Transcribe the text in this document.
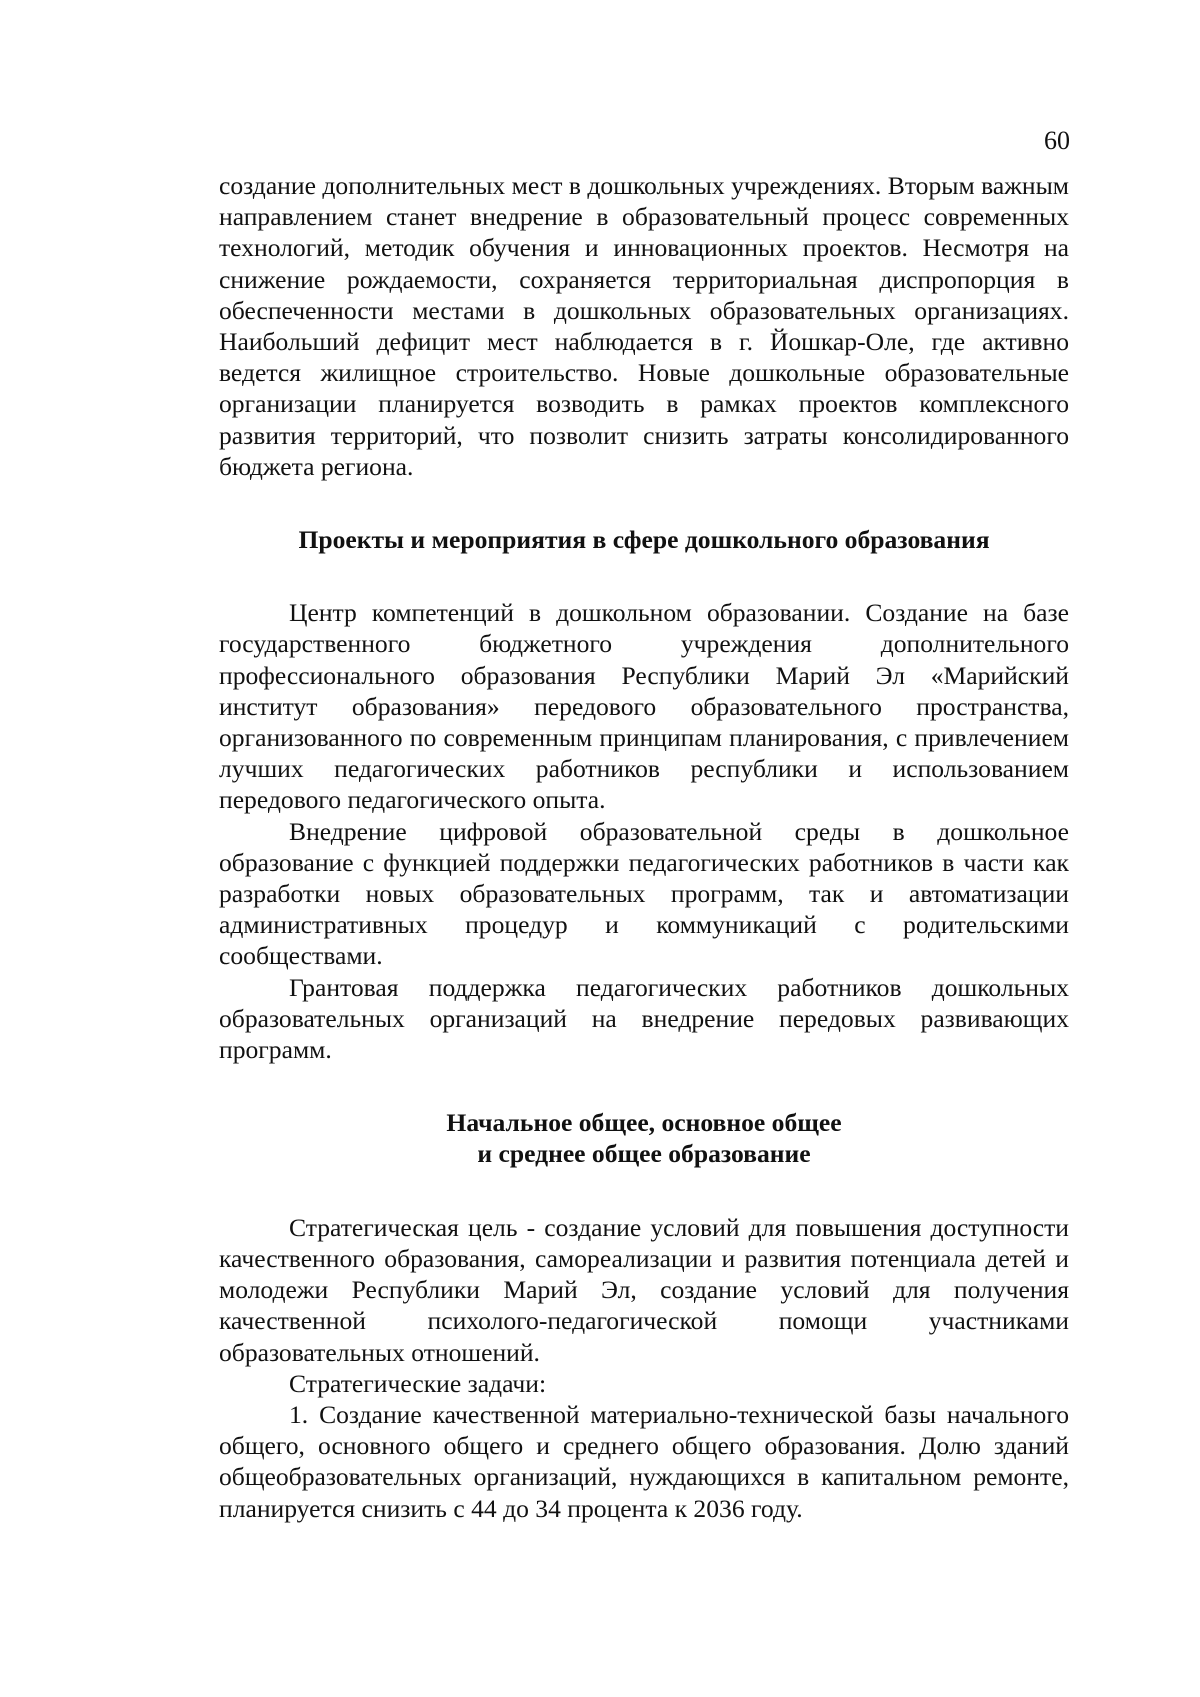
60

создание дополнительных мест в дошкольных учреждениях. Вторым важным направлением станет внедрение в образовательный процесс современных технологий, методик обучения и инновационных проектов. Несмотря на снижение рождаемости, сохраняется территориальная диспропорция в обеспеченности местами в дошкольных образовательных организациях. Наибольший дефицит мест наблюдается в г. Йошкар-Оле, где активно ведется жилищное строительство. Новые дошкольные образовательные организации планируется возводить в рамках проектов комплексного развития территорий, что позволит снизить затраты консолидированного бюджета региона.

Проекты и мероприятия в сфере дошкольного образования

Центр компетенций в дошкольном образовании. Создание на базе государственного бюджетного учреждения дополнительного профессионального образования Республики Марий Эл «Марийский институт образования» передового образовательного пространства, организованного по современным принципам планирования, с привлечением лучших педагогических работников республики и использованием передового педагогического опыта.

Внедрение цифровой образовательной среды в дошкольное образование с функцией поддержки педагогических работников в части как разработки новых образовательных программ, так и автоматизации административных процедур и коммуникаций с родительскими сообществами.

Грантовая поддержка педагогических работников дошкольных образовательных организаций на внедрение передовых развивающих программ.

Начальное общее, основное общее
и среднее общее образование

Стратегическая цель - создание условий для повышения доступности качественного образования, самореализации и развития потенциала детей и молодежи Республики Марий Эл, создание условий для получения качественной психолого-педагогической помощи участниками образовательных отношений.

Стратегические задачи:

1. Создание качественной материально-технической базы начального общего, основного общего и среднего общего образования. Долю зданий общеобразовательных организаций, нуждающихся в капитальном ремонте, планируется снизить с 44 до 34 процента к 2036 году.
